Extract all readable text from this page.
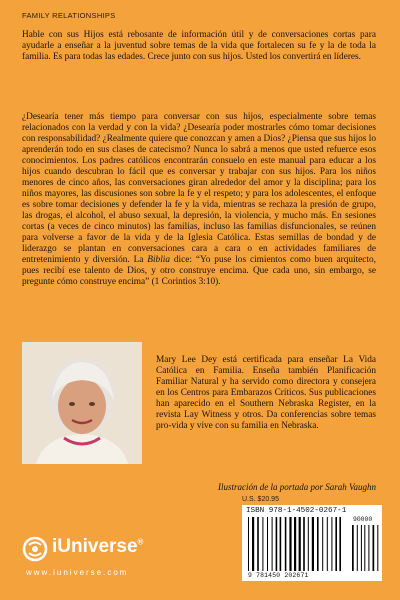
FAMILY RELATIONSHIPS
Hable con sus Hijos está rebosante de información útil y de conversaciones cortas para ayudarle a enseñar a la juventud sobre temas de la vida que fortalecen su fe y la de toda la familia. Es para todas las edades. Crece junto con sus hijos. Usted los convertirá en líderes.
¿Desearía tener más tiempo para conversar con sus hijos, especialmente sobre temas relacionados con la verdad y con la vida? ¿Desearía poder mostrarles cómo tomar decisiones con responsabilidad? ¿Realmente quiere que conozcan y amen a Dios? ¿Piensa que sus hijos lo aprenderán todo en sus clases de catecismo? Nunca lo sabrá a menos que usted refuerce esos conocimientos. Los padres católicos encontrarán consuelo en este manual para educar a los hijos cuando descubran lo fácil que es conversar y trabajar con sus hijos. Para los niños menores de cinco años, las conversaciones giran alrededor del amor y la disciplina; para los niños mayores, las discusiones son sobre la fe y el respeto; y para los adolescentes, el enfoque es sobre tomar decisiones y defender la fe y la vida, mientras se rechaza la presión de grupo, las drogas, el alcohol, el abuso sexual, la depresión, la violencia, y mucho más. En sesiones cortas (a veces de cinco minutos) las familias, incluso las familias disfuncionales, se reúnen para volverse a favor de la vida y de la Iglesia Católica. Estas semillas de bondad y de liderazgo se plantan en conversaciones cara a cara o en actividades familiares de entretenimiento y diversión. La Biblia dice: “Yo puse los cimientos como buen arquitecto, pues recibí ese talento de Dios, y otro construye encima. Que cada uno, sin embargo, se pregunte cómo construye encima” (1 Corintios 3:10).
Mary Lee Dey está certificada para enseñar La Vida Católica en Familia. Enseña también Planificación Familiar Natural y ha servido como directora y consejera en los Centros para Embarazos Críticos. Sus publicaciones han aparecido en el Southern Nebraska Register, en la revista Lay Witness y otros. Da conferencias sobre temas pro-vida y vive con su familia en Nebraska.
Ilustración de la portada por Sarah Vaughn
U.S. $20.95
ISBN 978-1-4502-0267-1
90000
9 781450 202671
iUniverse®
www.iuniverse.com
